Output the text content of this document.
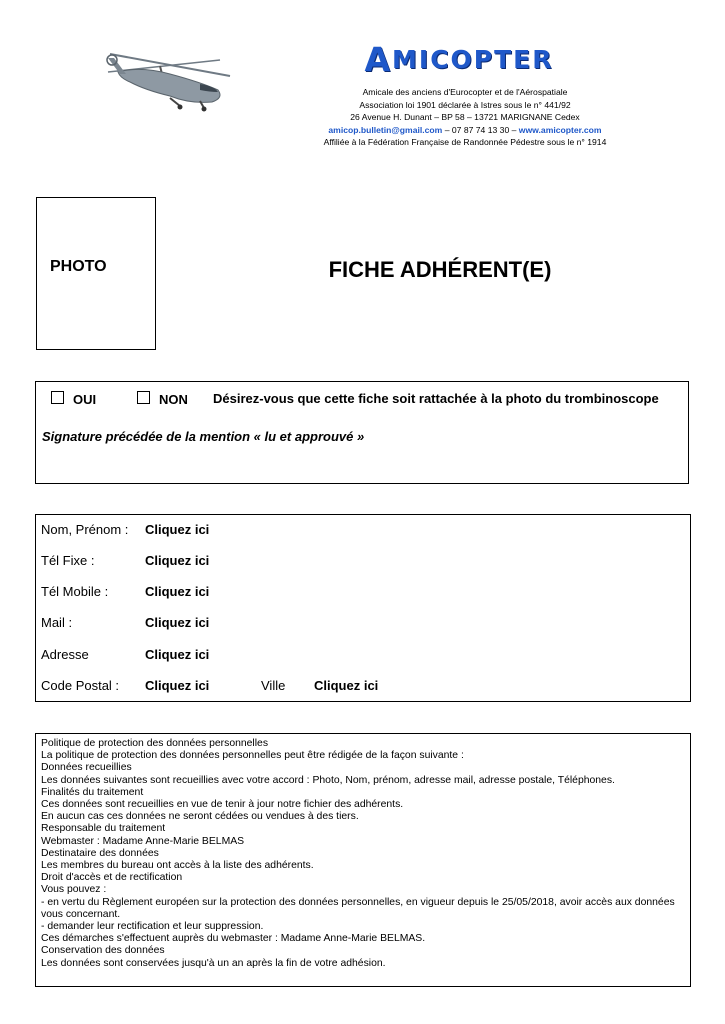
A MICOPTER
Amicale des anciens d'Eurocopter et de l'Aérospatiale
Association loi 1901 déclarée à Istres sous le n° 441/92
26 Avenue H. Dunant – BP 58 – 13721 MARIGNANE Cedex
amicop.bulletin@gmail.com – 07 87 74 13 30 – www.amicopter.com
Affiliée à la Fédération Française de Randonnée Pédestre sous le n° 1914
PHOTO	FICHE ADHÉRENT(E)
OUI	NON Désirez-vous que cette fiche soit rattachée à la photo du trombinoscope
Signature précédée de la mention « lu et approuvé »
Nom, Prénom : Cliquez ici
Tél Fixe :	Cliquez ici
Tél Mobile :	Cliquez ici
Mail :	Cliquez ici
Adresse	Cliquez ici
Code Postal : Cliquez ici	Ville Cliquez ici
Politique de protection des données personnelles
La politique de protection des données personnelles peut être rédigée de la façon suivante :
Données recueillies
Les données suivantes sont recueillies avec votre accord : Photo, Nom, prénom, adresse mail, adresse postale, Téléphones.
Finalités du traitement
Ces données sont recueillies en vue de tenir à jour notre fichier des adhérents.
En aucun cas ces données ne seront cédées ou vendues à des tiers.
Responsable du traitement
Webmaster : Madame Anne-Marie BELMAS
Destinataire des données
Les membres du bureau ont accès à la liste des adhérents.
Droit d'accès et de rectification
Vous pouvez :
- en vertu du Règlement européen sur la protection des données personnelles, en vigueur depuis le 25/05/2018, avoir accès aux données vous concernant.
- demander leur rectification et leur suppression.
Ces démarches s'effectuent auprès du webmaster : Madame Anne-Marie BELMAS.
Conservation des données
Les données sont conservées jusqu'à un an après la fin de votre adhésion.
